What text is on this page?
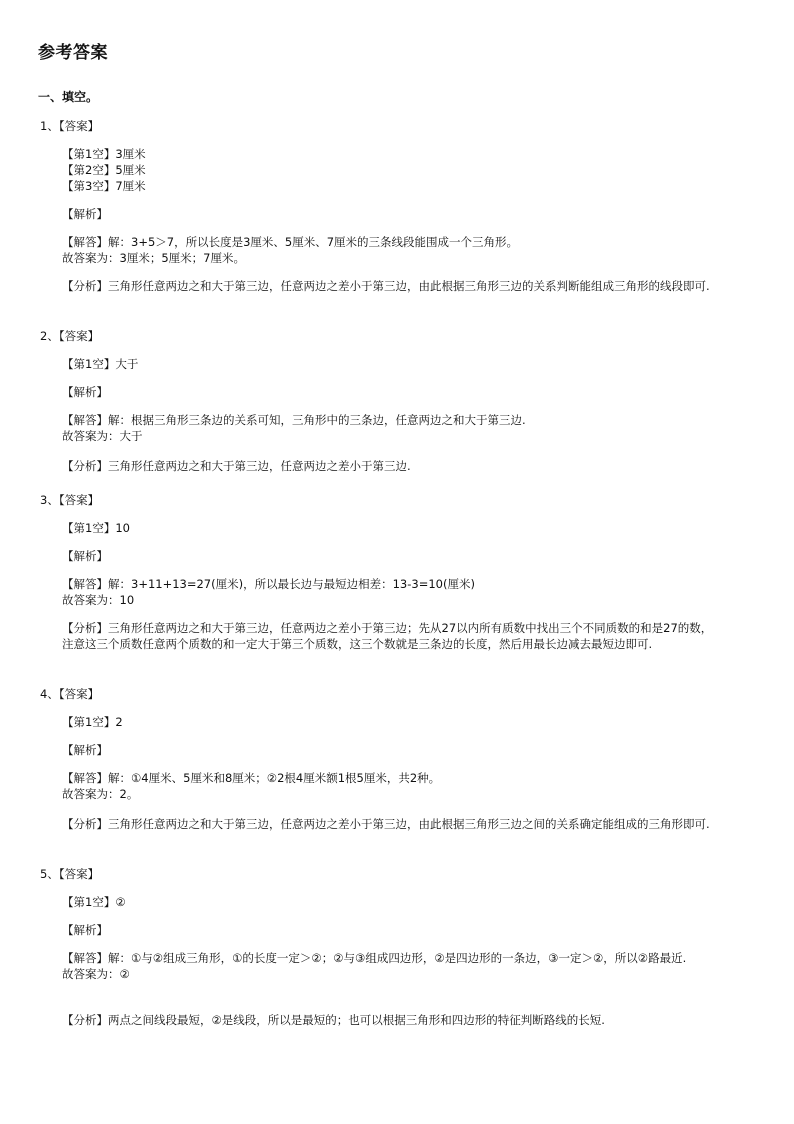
参考答案
一、填空。
1、【答案】
【第1空】3厘米
【第2空】5厘米
【第3空】7厘米
【解析】
【解答】解：3+5＞7，所以长度是3厘米、5厘米、7厘米的三条线段能围成一个三角形。
故答案为：3厘米；5厘米；7厘米。
【分析】三角形任意两边之和大于第三边，任意两边之差小于第三边，由此根据三角形三边的关系判断能组成三角形的线段即可.
2、【答案】
【第1空】大于
【解析】
【解答】解：根据三角形三条边的关系可知，三角形中的三条边，任意两边之和大于第三边.
故答案为：大于
【分析】三角形任意两边之和大于第三边，任意两边之差小于第三边.
3、【答案】
【第1空】10
【解析】
【解答】解：3+11+13=27(厘米)，所以最长边与最短边相差：13-3=10(厘米)
故答案为：10
【分析】三角形任意两边之和大于第三边，任意两边之差小于第三边；先从27以内所有质数中找出三个不同质数的和是27的数，注意这三个质数任意两个质数的和一定大于第三个质数，这三个数就是三条边的长度，然后用最长边减去最短边即可.
4、【答案】
【第1空】2
【解析】
【解答】解：①4厘米、5厘米和8厘米；②2根4厘米额1根5厘米，共2种。
故答案为：2。
【分析】三角形任意两边之和大于第三边，任意两边之差小于第三边，由此根据三角形三边之间的关系确定能组成的三角形即可.
5、【答案】
【第1空】②
【解析】
【解答】解：①与②组成三角形，①的长度一定＞②；②与③组成四边形，②是四边形的一条边，③一定＞②，所以②路最近.
故答案为：②
【分析】两点之间线段最短，②是线段，所以是最短的；也可以根据三角形和四边形的特征判断路线的长短.
